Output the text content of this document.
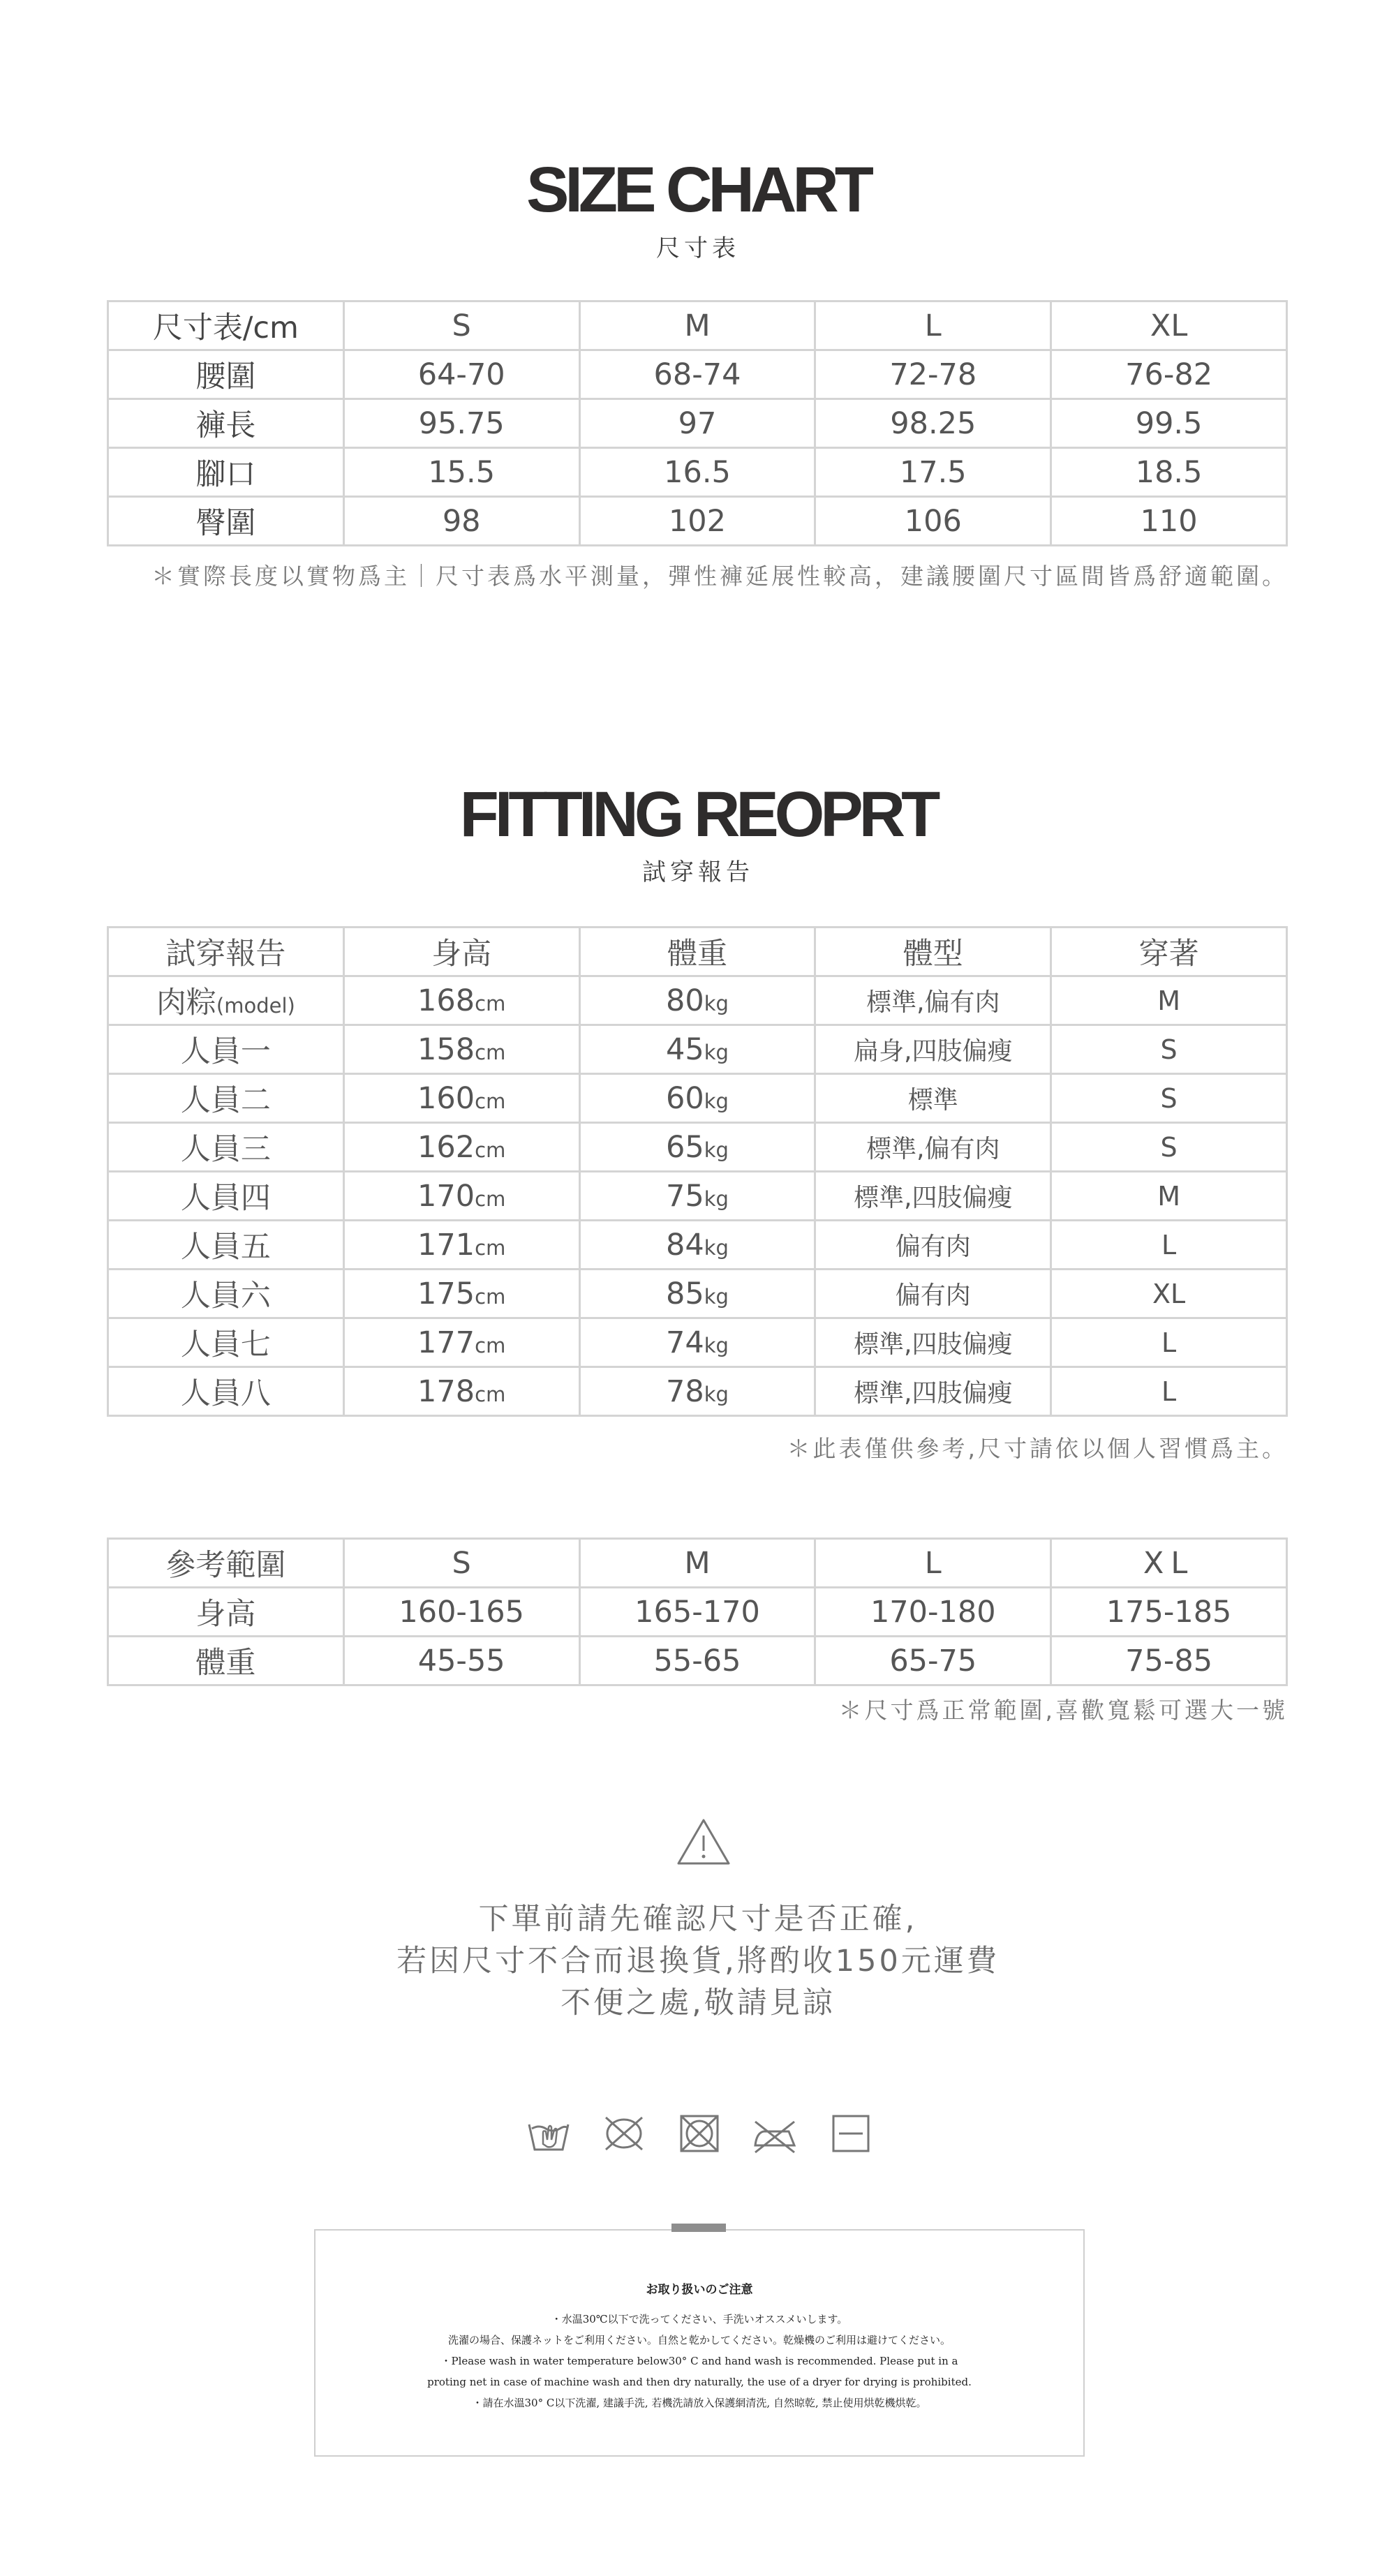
SIZE CHART
尺寸表
尺寸表/cm	S	M	L	XL
腰圍	64-70	68-74	72-78	76-82
褲長	95.75	97	98.25	99.5
腳口	15.5	16.5	17.5	18.5
臀圍	98	102	106	110
＊實際長度以實物爲主｜尺寸表爲水平測量，彈性褲延展性較高，建議腰圍尺寸區間皆爲舒適範圍。
FITTING REOPRT
試穿報告
試穿報告	身高	體重	體型	穿著
肉粽(model)	168cm	80kg	標準,偏有肉	M
人員一	158cm	45kg	扁身,四肢偏瘦	S
人員二	160cm	60kg	標準	S
人員三	162cm	65kg	標準,偏有肉	S
人員四	170cm	75kg	標準,四肢偏瘦	M
人員五	171cm	84kg	偏有肉	L
人員六	175cm	85kg	偏有肉	XL
人員七	177cm	74kg	標準,四肢偏瘦	L
人員八	178cm	78kg	標準,四肢偏瘦	L
＊此表僅供參考,尺寸請依以個人習慣爲主。
參考範圍	S	M	L	XL
身高	160-165	165-170	170-180	175-185
體重	45-55	55-65	65-75	75-85
＊尺寸爲正常範圍,喜歡寬鬆可選大一號
下單前請先確認尺寸是否正確,
若因尺寸不合而退換貨,將酌收150元運費
不便之處,敬請見諒
お取り扱いのご注意
・水温30℃以下で洗ってください、手洗いオススメいします。
洗濯の場合、保護ネットをご利用ください。自然と乾かしてください。乾燥機のご利用は避けてください。
・Please wash in water temperature below30° C and hand wash is recommended. Please put in a
proting net in case of machine wash and then dry naturally, the use of a dryer for drying is prohibited.
・請在水溫30° C以下洗濯, 建議手洗, 若機洗請放入保護網清洗, 自然晾乾, 禁止使用烘乾機烘乾。
